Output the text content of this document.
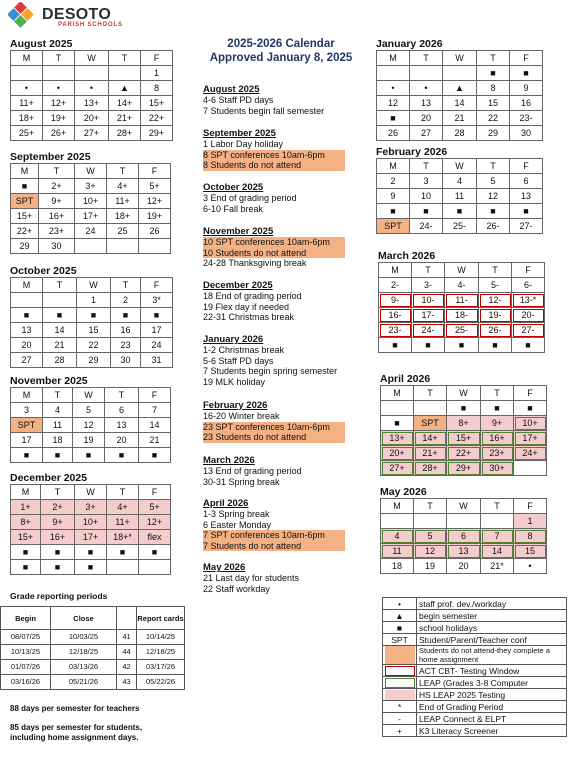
DESOTO
PARISH SCHOOLS
August 2025
M	T	W	T	F
				1
•	•	•	▲	8
11+	12+	13+	14+	15+
18+	19+	20+	21+	22+
25+	26+	27+	28+	29+
September 2025
M	T	W	T	F
■	2+	3+	4+	5+
SPT	9+	10+	11+	12+
15+	16+	17+	18+	19+
22+	23+	24	25	26
29	30			
October 2025
M	T	W	T	F
		1	2	3*
■	■	■	■	■
13	14	15	16	17
20	21	22	23	24
27	28	29	30	31
November 2025
M	T	W	T	F
3	4	5	6	7
SPT	11	12	13	14
17	18	19	20	21
■	■	■	■	■
December 2025
M	T	W	T	F
1+	2+	3+	4+	5+
8+	9+	10+	11+	12+
15+	16+	17+	18+*	flex
■	■	■	■	■
■	■	■		
January 2026
M	T	W	T	F
			■	■
•	•	▲	8	9
12	13	14	15	16
■	20	21	22	23-
26	27	28	29	30
February 2026
M	T	W	T	F
2	3	4	5	6
9	10	11	12	13
■	■	■	■	■
SPT	24-	25-	26-	27-
March 2026
M	T	W	T	F
2-	3-	4-	5-	6-
9-	10-	11-	12-	13-*
16-	17-	18-	19-	20-
23-	24-	25-	26-	27-
■	■	■	■	■
April 2026
M	T	W	T	F
		■	■	■
■	SPT	8+	9+	10+
13+	14+	15+	16+	17+
20+	21+	22+	23+	24+
27+	28+	29+	30+	
May 2026
M	T	W	T	F
				1
4	5	6	7	8
11	12	13	14	15
18	19	20	21*	•
2025-2026 Calendar
Approved January 8, 2025
August 2025
4-6 Staff PD days
7 Students begin fall semester
September 2025
1 Labor Day holiday
8 SPT conferences 10am-6pm
8 Students do not attend
October 2025
3 End of grading period
6-10 Fall break
November 2025
10 SPT conferences 10am-6pm
10 Students do not attend
24-28 Thanksgiving break
December 2025
18 End of grading period
19 Flex day if needed
22-31 Christmas break
January 2026
1-2 Christmas break
5-6 Staff PD days
7 Students begin spring semester
19 MLK holiday
February 2026
16-20 Winter break
23 SPT conferences 10am-6pm
23 Students do not attend
March 2026
13 End of grading period
30-31 Spring break
April 2026
1-3 Spring break
6 Easter Monday
7 SPT conferences 10am-6pm
7 Students do not attend
May 2026
21 Last day for students
22 Staff workday
Grade reporting periods
Begin	Close		Report cards
08/07/25	10/03/25	41	10/14/25
10/13/25	12/18/25	44	12/18/25
01/07/26	03/13/26	42	03/17/26
03/16/26	05/21/26	43	05/22/26
88 days per semester for teachers
85 days per semester for students, including home assignment days.
•	staff prof. dev./workday
▲	begin semester
■	school holidays
SPT	Student/Parent/Teacher conf

	Students do not attend-they complete a home assignment

	ACT CBT- Testing Window

	LEAP (Grades 3-8 Computer

	HS LEAP 2025 Testing
*	End of Grading Period
-	LEAP Connect & ELPT
+	K3 Literacy Screener
